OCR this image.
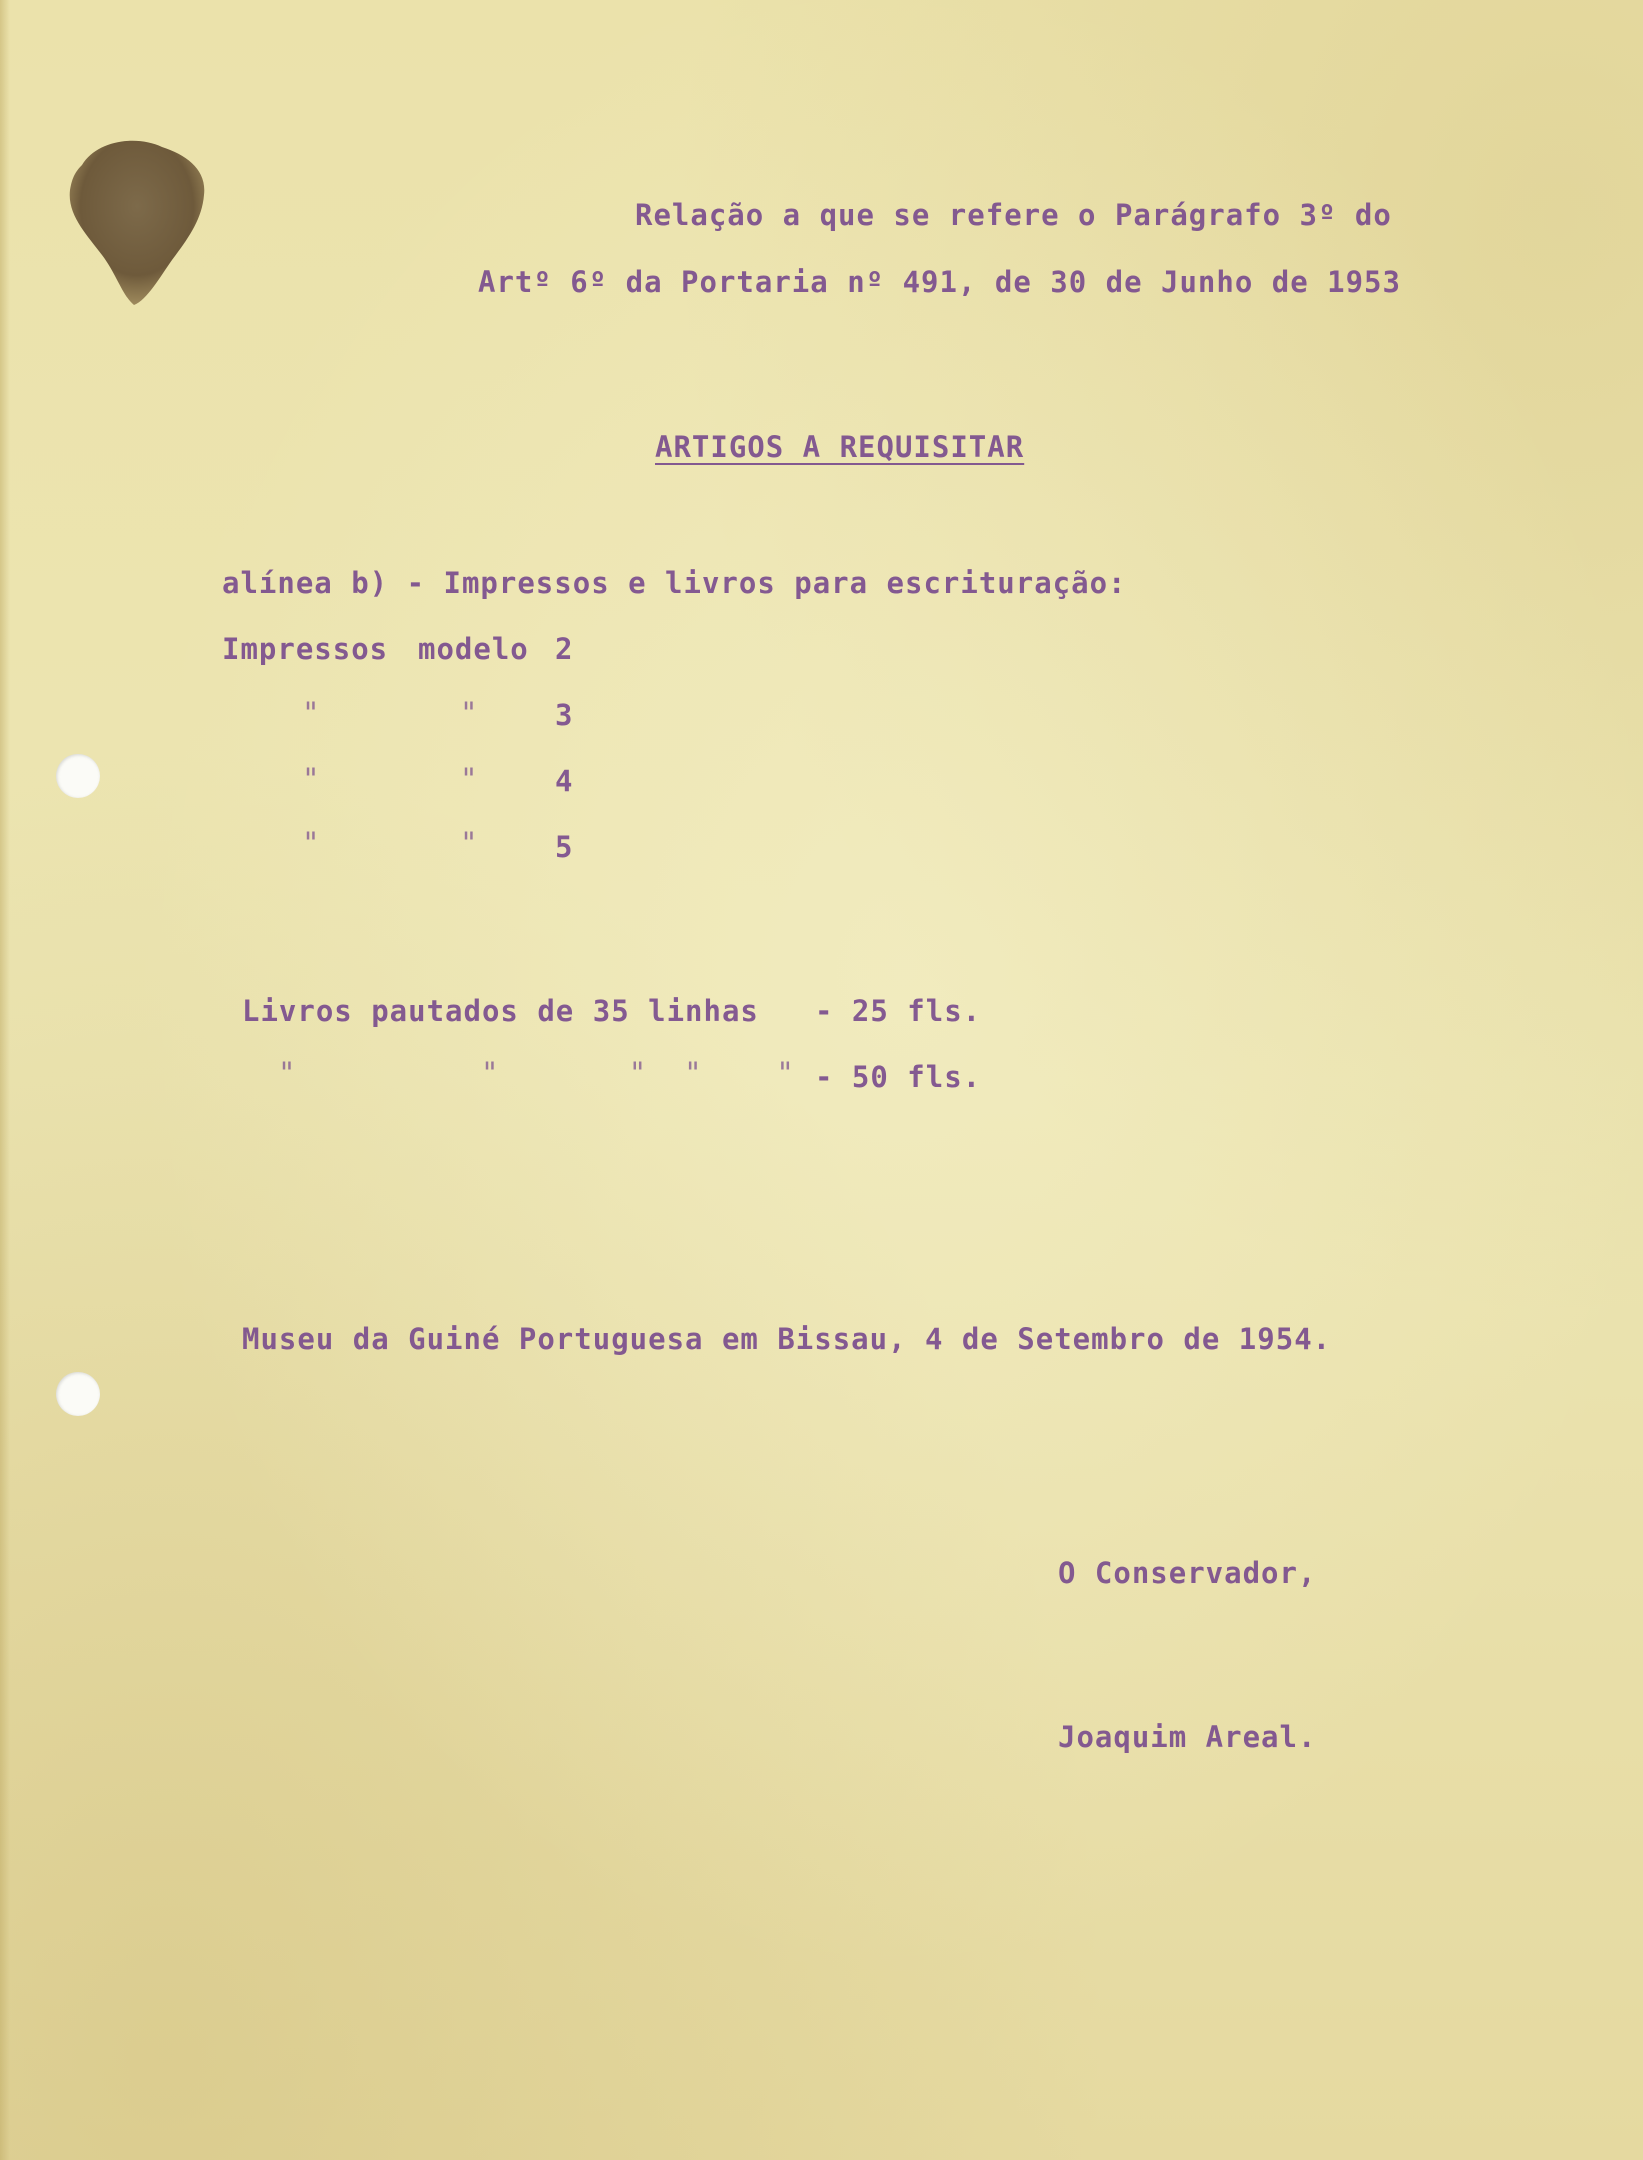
Relação a que se refere o Parágrafo 3º do
Artº 6º da Portaria nº 491, de 30 de Junho de 1953
ARTIGOS A REQUISITAR
alínea b) - Impressos e livros para escrituração:
Impressos modelo 2
"	"	3
"	"	4
"	"	5
Livros pautados de 35 linhas - 25 fls.
"          "       "  "    " - 50 fls.
Museu da Guiné Portuguesa em Bissau, 4 de Setembro de 1954.
O Conservador,
Joaquim Areal.
